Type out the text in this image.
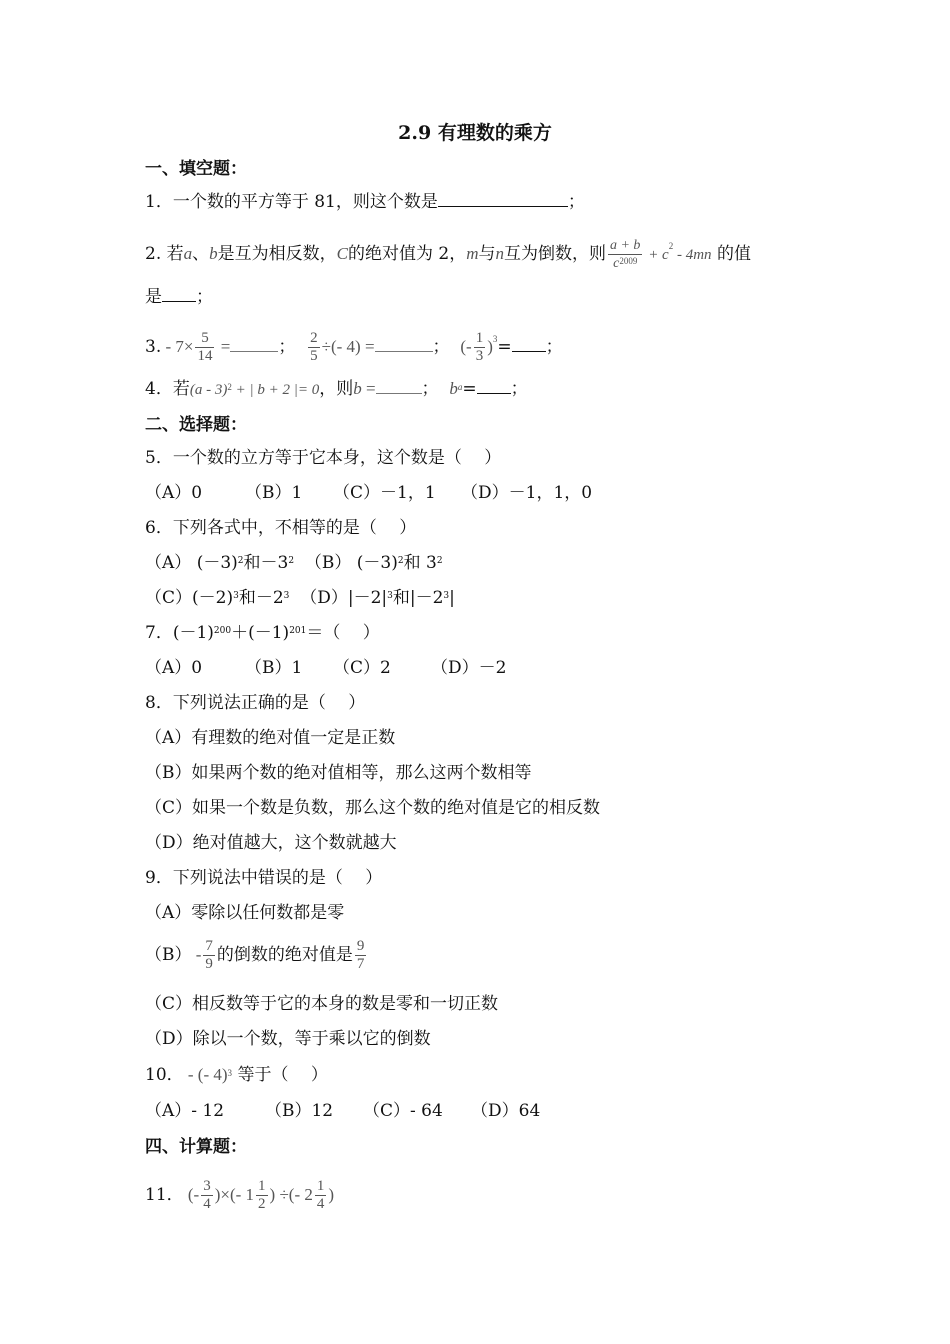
2.9 有理数的乘方
一、填空题：
1．一个数的平方等于 81，则这个数是	；
2. 若a、b是互为相反数，C的绝对值为 2，m与n互为倒数，则 $\frac{a + b}{c^{2009}} + c^2 - 4mn$ 的值
是 ；
3. - $7\times \frac{5}{14}$ =	； $\frac{2}{5}$ ÷(- 4) =	； (- $\frac{1}{3} )^3=$ ；
4．若(a - 3)$^2$ + | b + 2 |= 0，则b =	； $b^a=$ ；
二、选择题：
5．一个数的立方等于它本身，这个数是（　 ）
（A）0	（B）1 （C）－1，1 （D）－1，1，0
6．下列各式中，不相等的是（　 ）
（A） $(-3)^2$和$-3^2$ （B） $(-3)^2$和 $3^2$
$(C)(-2)^3$和$-2^3$ $(D)|-2|^3$和$|-2^3|$
7．$(-1)^{200}+(-1)^{201}=$（　 ）
（A）0	（B）1 （C）2 （D）－2
8．下列说法正确的是（　 ）
（A）有理数的绝对值一定是正数
（B）如果两个数的绝对值相等，那么这两个数相等
（C）如果一个数是负数，那么这个数的绝对值是它的相反数
（D）绝对值越大，这个数就越大
9．下列说法中错误的是（　 ）
（A）零除以任何数都是零
$(B) - \frac{7}{9}$ 的倒数的绝对值是 $\frac{9}{7}$
（C）相反数等于它的本身的数是零和一切正数
（D）除以一个数，等于乘以它的倒数
10． - (- 4)$^3$ 等于（　 ）
（A）- 12 （B）12 （C）- 64 （D）64
四、计算题：
11． (- $\frac{3}{4}$ )×(- $1 \frac{1}{2}$ ) ÷(- $2 \frac{1}{4}$ )
